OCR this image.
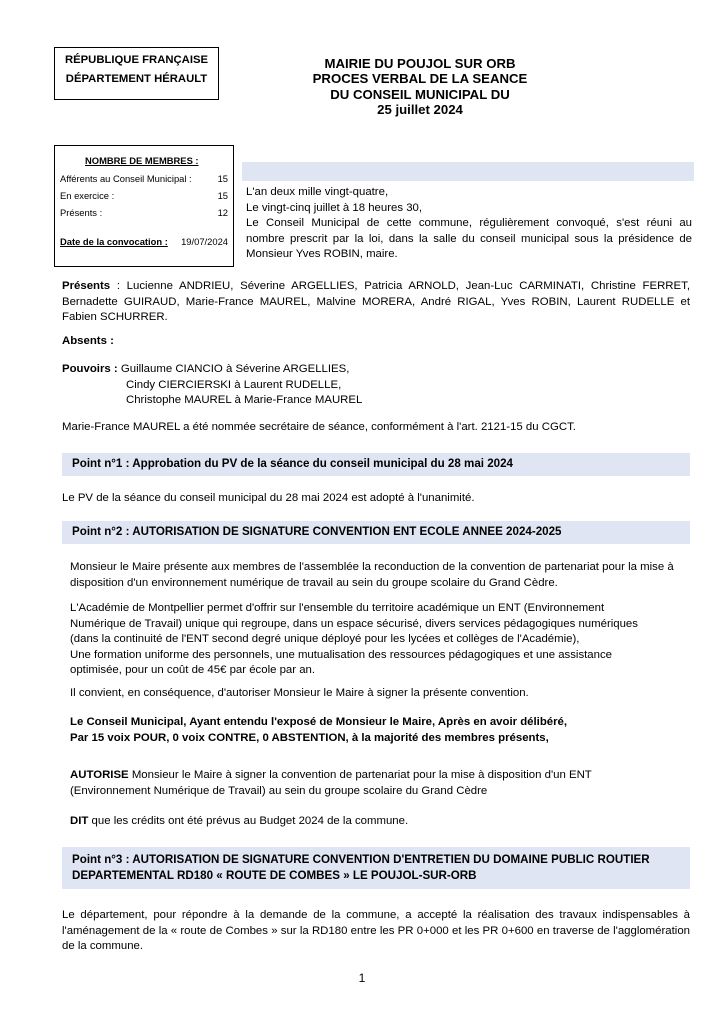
RÉPUBLIQUE FRANÇAISE
DÉPARTEMENT HÉRAULT
MAIRIE DU POUJOL SUR ORB
PROCES VERBAL DE LA SEANCE
DU CONSEIL MUNICIPAL DU
25 juillet 2024
NOMBRE DE MEMBRES :
Afférents au Conseil Municipal :	15
En exercice :	15
Présents :	12
Date de la convocation : 19/07/2024
L'an deux mille vingt-quatre,
Le vingt-cinq juillet à 18 heures 30,
Le Conseil Municipal de cette commune, régulièrement convoqué, s'est réuni au nombre prescrit par la loi, dans la salle du conseil municipal sous la présidence de Monsieur Yves ROBIN, maire.
Présents : Lucienne ANDRIEU, Séverine ARGELLIES, Patricia ARNOLD, Jean-Luc CARMINATI, Christine FERRET, Bernadette GUIRAUD, Marie-France MAUREL, Malvine MORERA, André RIGAL, Yves ROBIN, Laurent RUDELLE et Fabien SCHURRER.
Absents :
Pouvoirs : Guillaume CIANCIO à Séverine ARGELLIES,
Cindy CIERCIERSKI à Laurent RUDELLE,
Christophe MAUREL à Marie-France MAUREL
Marie-France MAUREL a été nommée secrétaire de séance, conformément à l'art. 2121-15 du CGCT.
Point n°1 : Approbation du PV de la séance du conseil municipal du 28 mai 2024
Le PV de la séance du conseil municipal du 28 mai 2024 est adopté à l'unanimité.
Point n°2 : AUTORISATION DE SIGNATURE CONVENTION ENT ECOLE ANNEE 2024-2025
Monsieur le Maire présente aux membres de l'assemblée la reconduction de la convention de partenariat pour la mise à disposition d'un environnement numérique de travail au sein du groupe scolaire du Grand Cèdre.
L'Académie de Montpellier permet d'offrir sur l'ensemble du territoire académique un ENT (Environnement
Numérique de Travail) unique qui regroupe, dans un espace sécurisé, divers services pédagogiques numériques
(dans la continuité de l'ENT second degré unique déployé pour les lycées et collèges de l'Académie),
Une formation uniforme des personnels, une mutualisation des ressources pédagogiques et une assistance
optimisée, pour un coût de 45€ par école par an.
Il convient, en conséquence, d'autoriser Monsieur le Maire à signer la présente convention.
Le Conseil Municipal, Ayant entendu l'exposé de Monsieur le Maire, Après en avoir délibéré,
Par 15 voix POUR, 0 voix CONTRE, 0 ABSTENTION, à la majorité des membres présents,
AUTORISE Monsieur le Maire à signer la convention de partenariat pour la mise à disposition d'un ENT
(Environnement Numérique de Travail) au sein du groupe scolaire du Grand Cèdre
DIT que les crédits ont été prévus au Budget 2024 de la commune.
Point n°3 : AUTORISATION DE SIGNATURE CONVENTION D'ENTRETIEN DU DOMAINE PUBLIC ROUTIER
DEPARTEMENTAL RD180 « ROUTE DE COMBES » LE POUJOL-SUR-ORB
Le département, pour répondre à la demande de la commune, a accepté la réalisation des travaux indispensables à l'aménagement de la « route de Combes » sur la RD180 entre les PR 0+000 et les PR 0+600 en traverse de l'agglomération de la commune.
1
